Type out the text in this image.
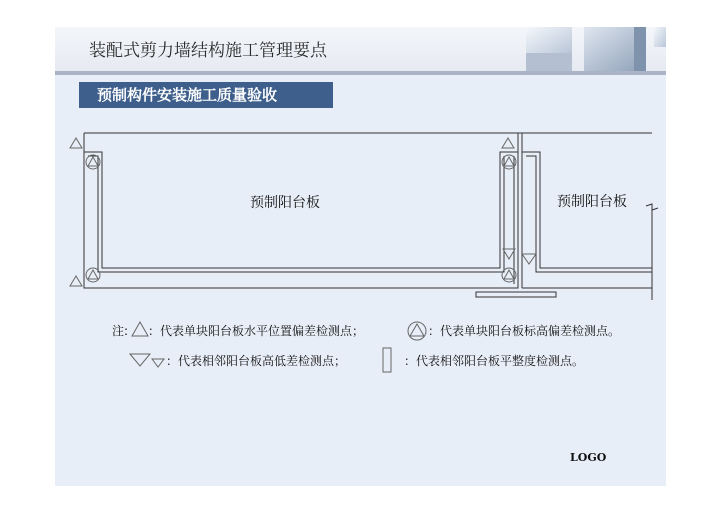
装配式剪力墙结构施工管理要点
预制构件安装施工质量验收
预制阳台板	预制阳台板
注: ：代表单块阳台板水平位置偏差检测点；	：代表单块阳台板标高偏差检测点。
：代表相邻阳台板高低差检测点；	：代表相邻阳台板平整度检测点。
LOGO
